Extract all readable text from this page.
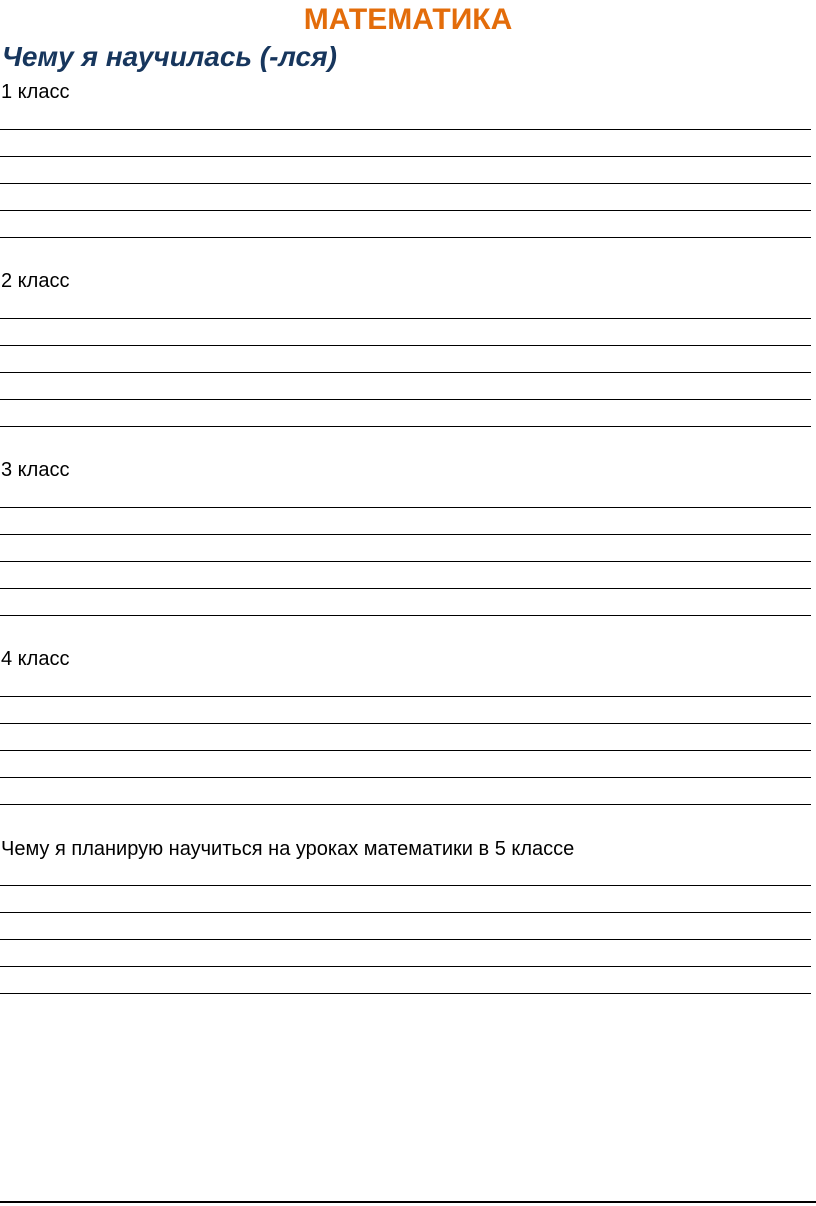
МАТЕМАТИКА
Чему я научилась (-лся)
1 класс
2 класс
3 класс
4 класс
Чему я планирую научиться на уроках математики в 5 классе
